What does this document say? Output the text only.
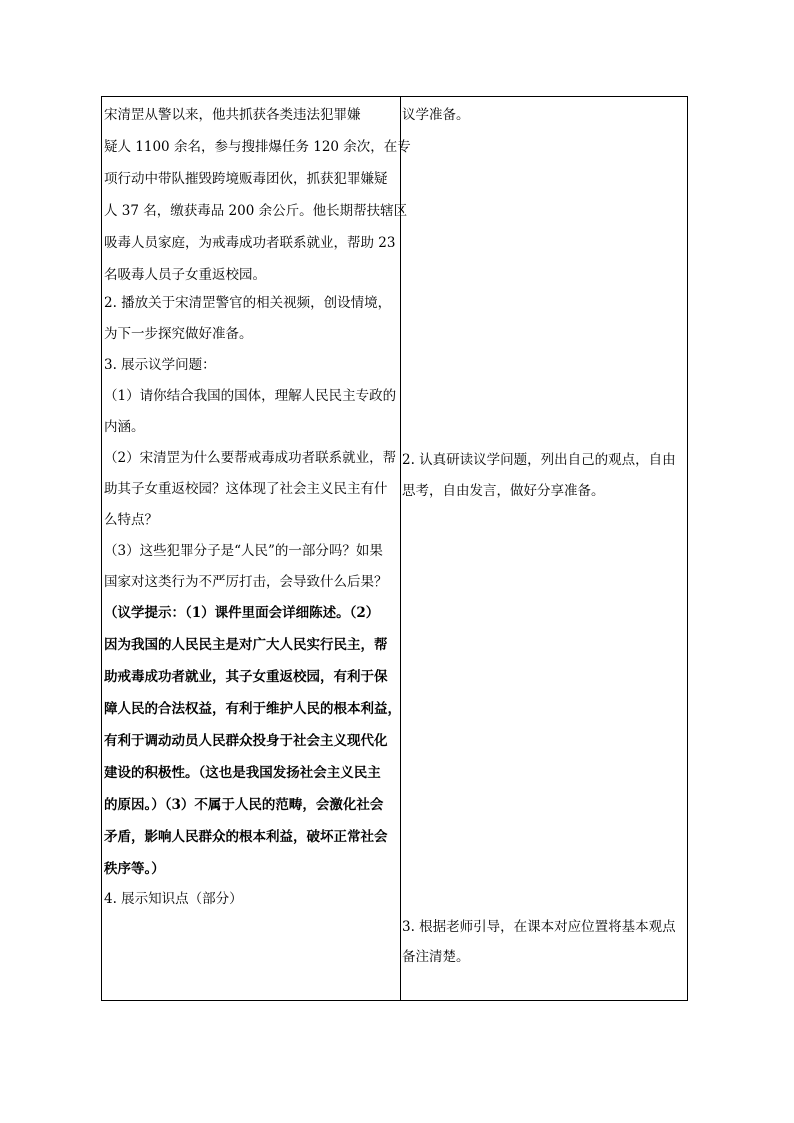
宋清罡从警以来，他共抓获各类违法犯罪嫌
疑人 1100 余名，参与搜排爆任务 120 余次，在专
项行动中带队摧毁跨境贩毒团伙，抓获犯罪嫌疑
人 37 名，缴获毒品 200 余公斤。他长期帮扶辖区
吸毒人员家庭，为戒毒成功者联系就业，帮助 23
名吸毒人员子女重返校园。
2. 播放关于宋清罡警官的相关视频，创设情境，
为下一步探究做好准备。
3. 展示议学问题：
（1）请你结合我国的国体，理解人民民主专政的
内涵。
（2）宋清罡为什么要帮戒毒成功者联系就业，帮
助其子女重返校园？这体现了社会主义民主有什
么特点？
（3）这些犯罪分子是“人民”的一部分吗？如果
国家对这类行为不严厉打击，会导致什么后果？
（议学提示：（1）课件里面会详细陈述。（2）
因为我国的人民民主是对广大人民实行民主，帮
助戒毒成功者就业，其子女重返校园，有利于保
障人民的合法权益，有利于维护人民的根本利益，
有利于调动动员人民群众投身于社会主义现代化
建设的积极性。（这也是我国发扬社会主义民主
的原因。）（3）不属于人民的范畴，会激化社会
矛盾，影响人民群众的根本利益，破坏正常社会
秩序等。）
4. 展示知识点（部分）
议学准备。
2. 认真研读议学问题，列出自己的观点，自由
思考，自由发言，做好分享准备。
3. 根据老师引导，在课本对应位置将基本观点
备注清楚。
